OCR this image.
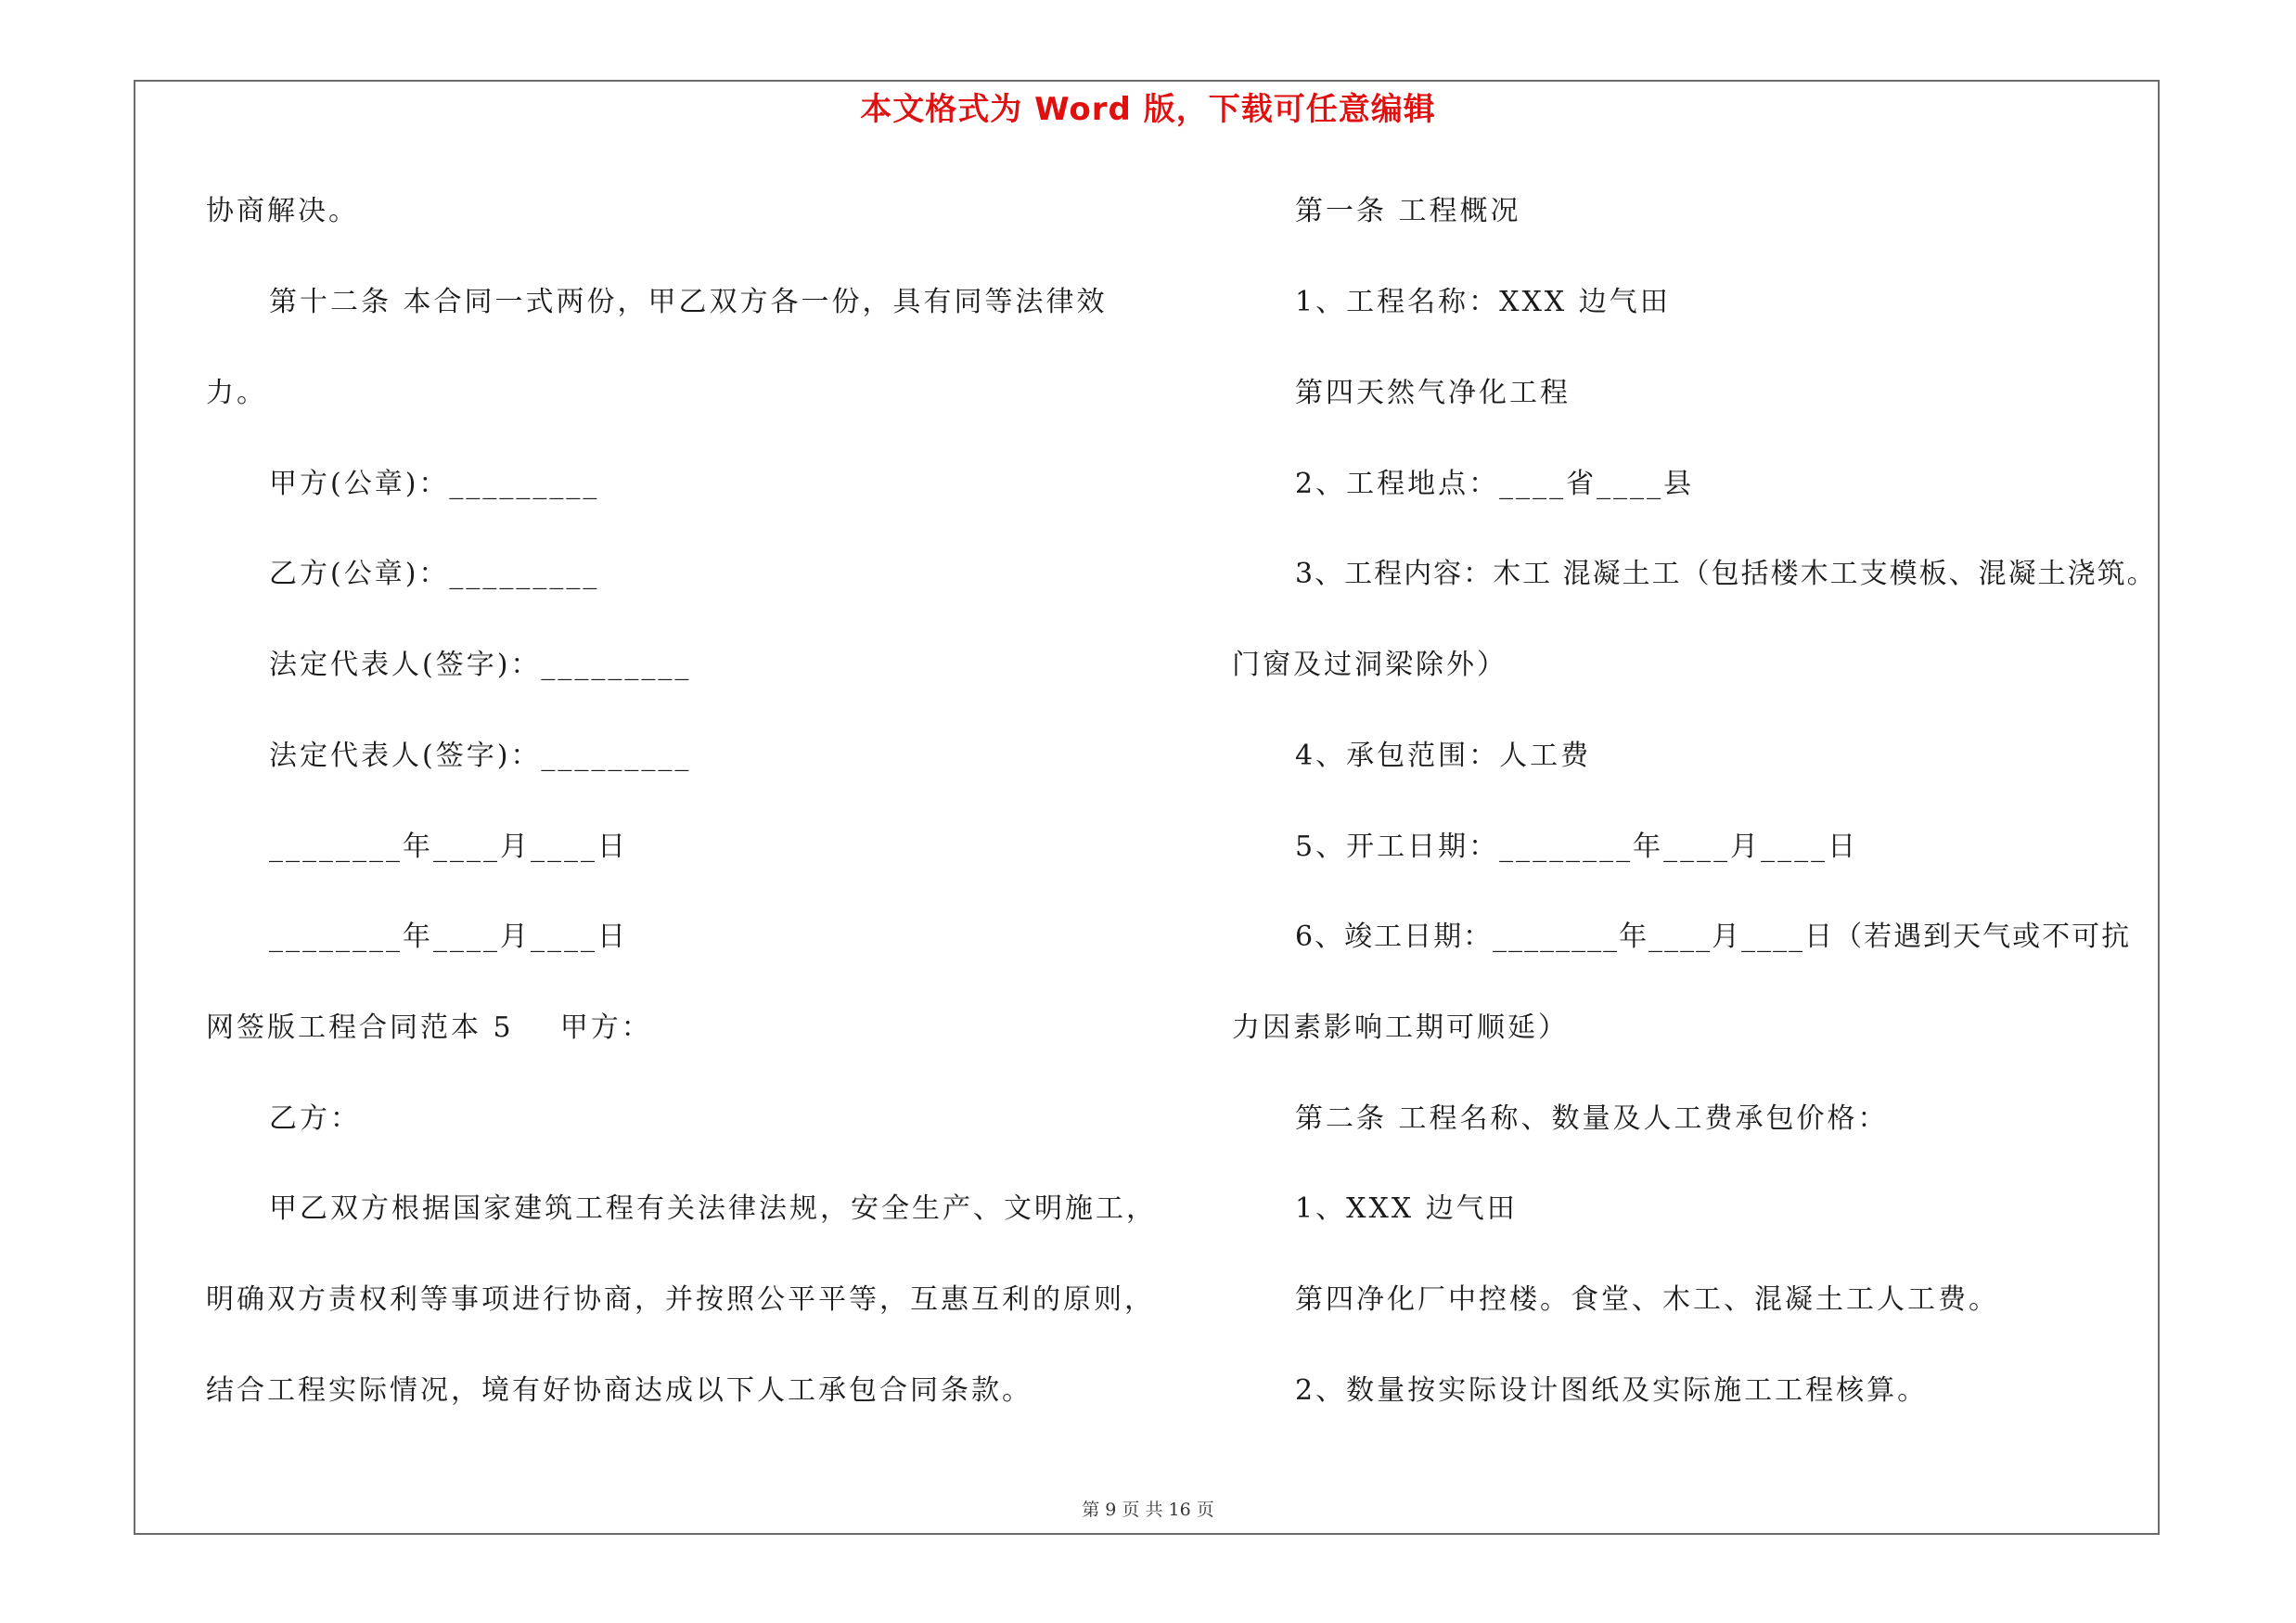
本文格式为 Word 版，下载可任意编辑
协商解决。
第十二条 本合同一式两份，甲乙双方各一份，具有同等法律效
力。
甲方(公章)：_________
乙方(公章)：_________
法定代表人(签字)：_________
法定代表人(签字)：_________
________年____月____日
________年____月____日
网签版工程合同范本 5    甲方：
乙方：
甲乙双方根据国家建筑工程有关法律法规，安全生产、文明施工，
明确双方责权利等事项进行协商，并按照公平平等，互惠互利的原则，
结合工程实际情况，境有好协商达成以下人工承包合同条款。
第一条 工程概况
1、工程名称：XXX 边气田
第四天然气净化工程
2、工程地点：____省____县
3、工程内容：木工 混凝土工（包括楼木工支模板、混凝土浇筑。
门窗及过洞梁除外）
4、承包范围：人工费
5、开工日期：________年____月____日
6、竣工日期：________年____月____日（若遇到天气或不可抗
力因素影响工期可顺延）
第二条 工程名称、数量及人工费承包价格：
1、XXX 边气田
第四净化厂中控楼。食堂、木工、混凝土工人工费。
2、数量按实际设计图纸及实际施工工程核算。
第 9 页 共 16 页
